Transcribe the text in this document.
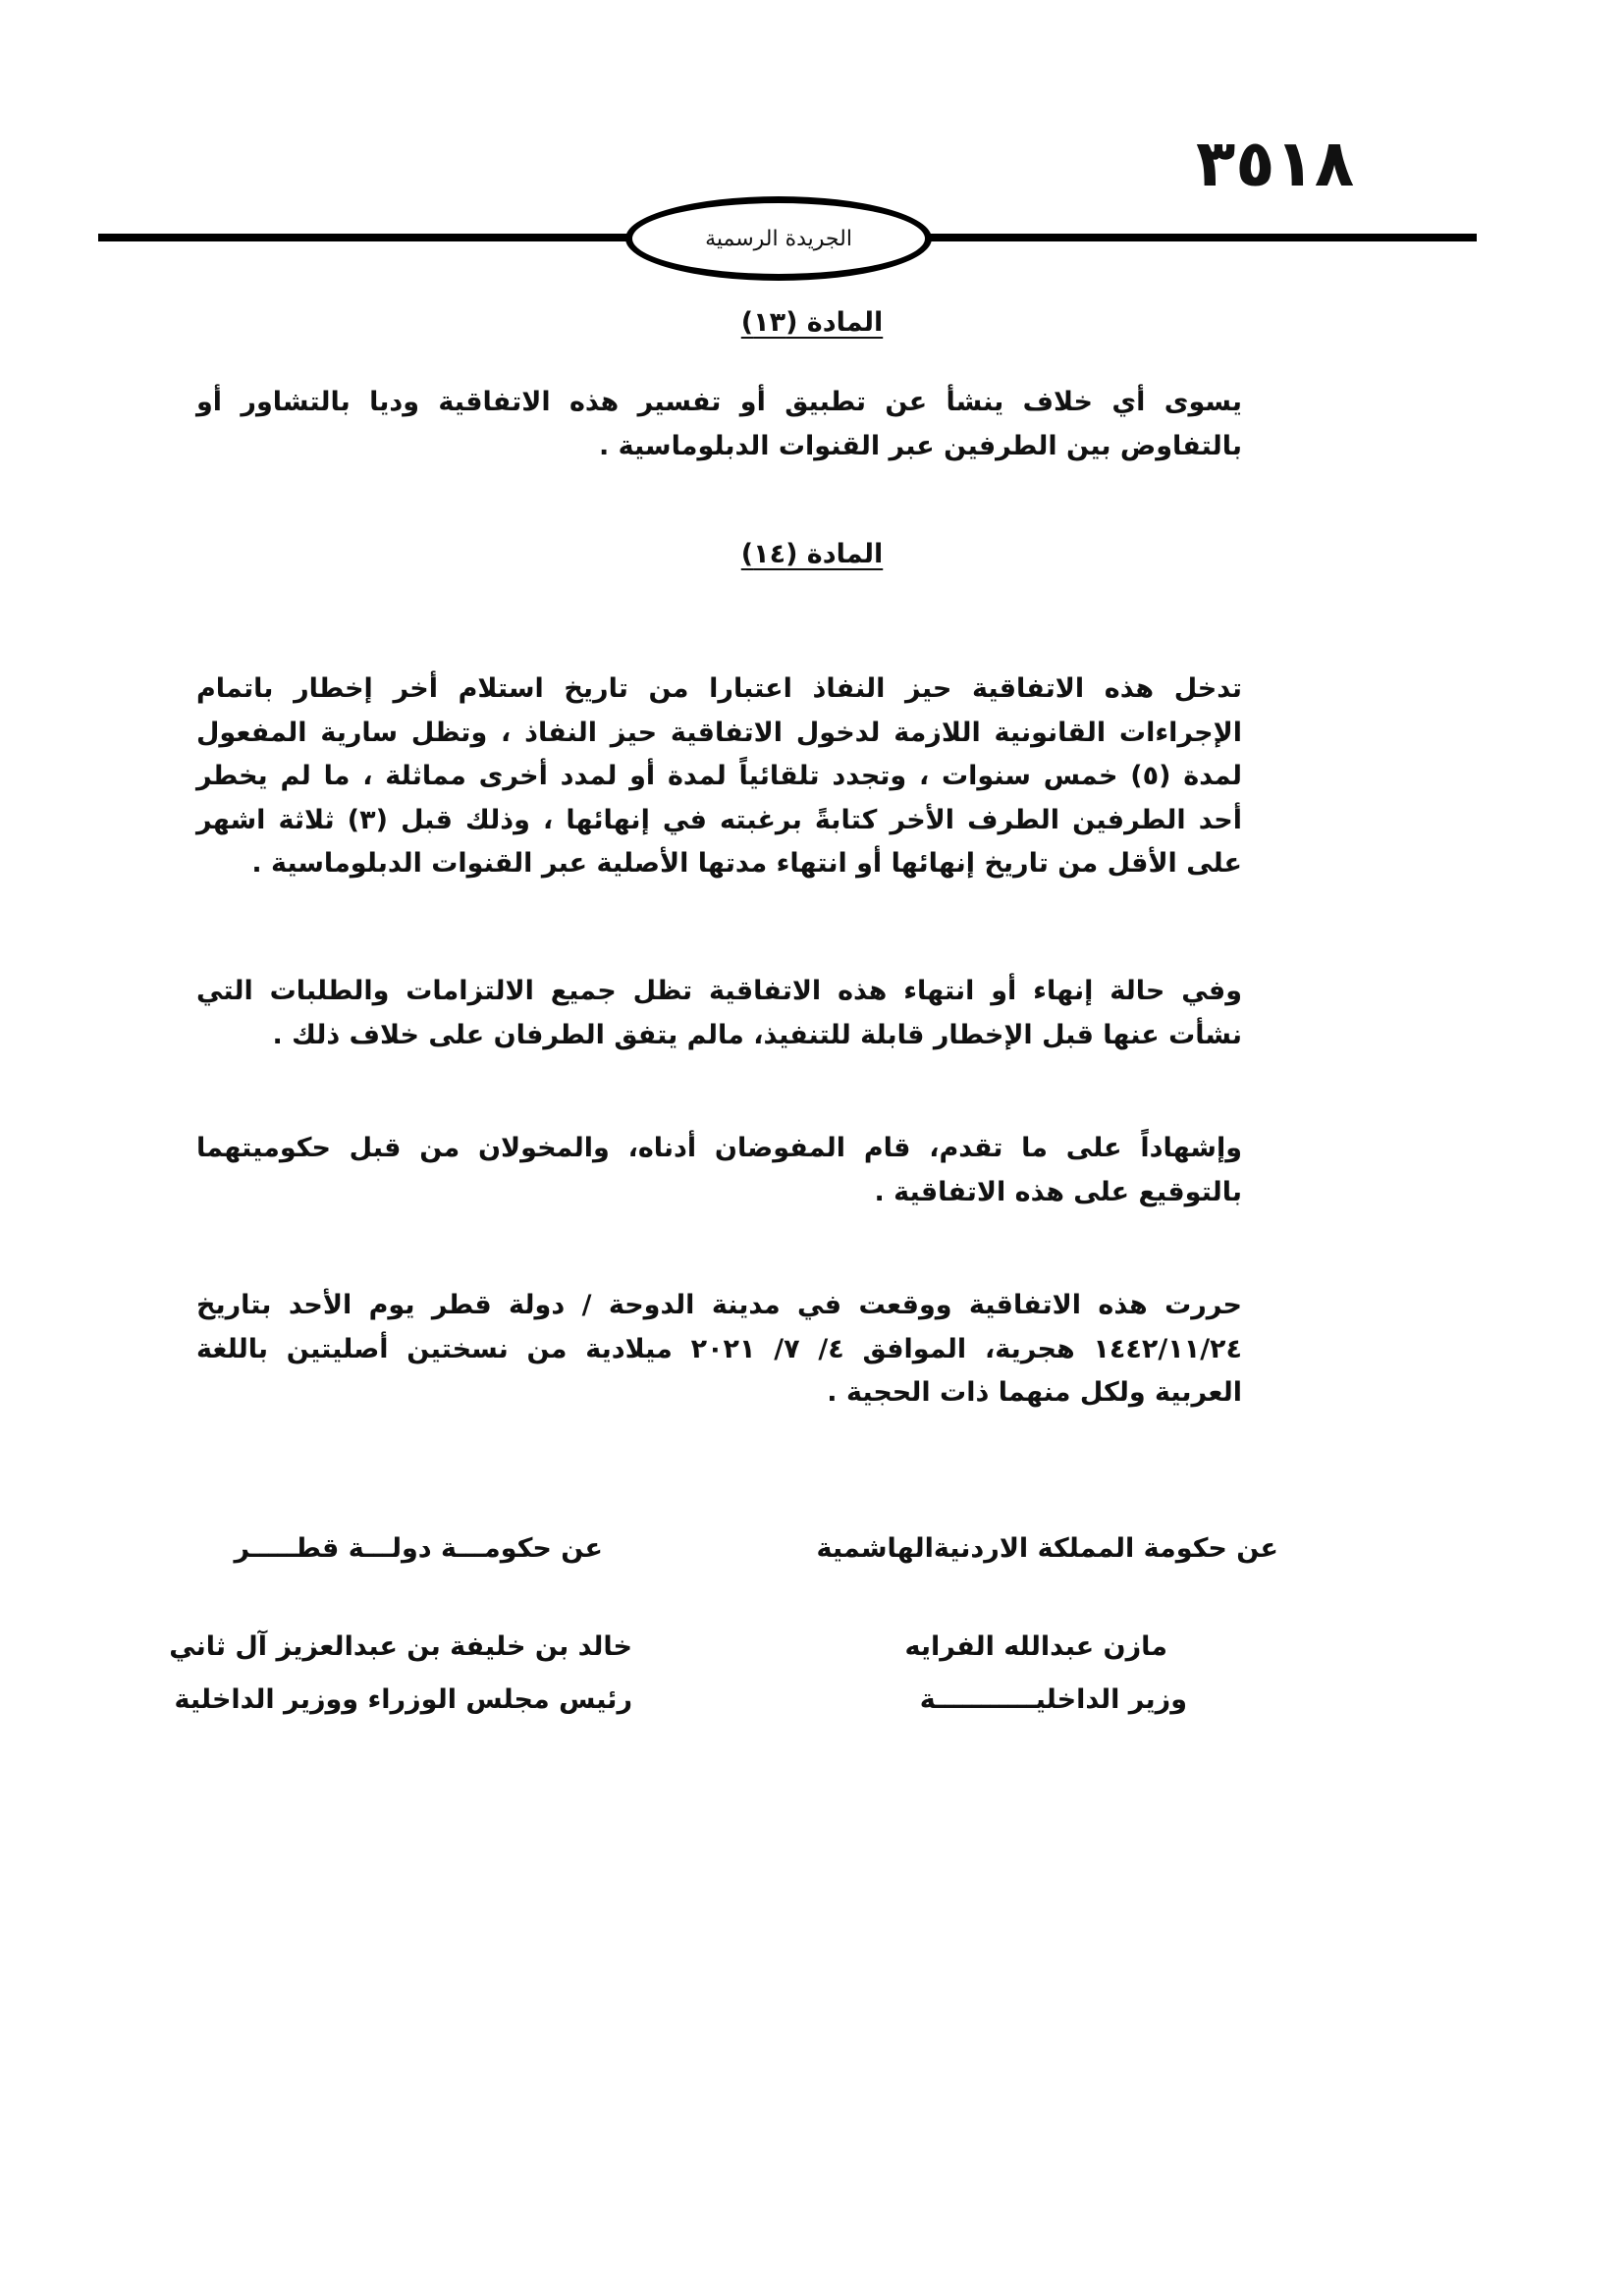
٣٥١٨
الجريدة الرسمية
المادة (١٣)

يسوى أي خلاف ينشأ عن تطبيق أو تفسير هذه الاتفاقية وديا بالتشاور أو بالتفاوض بين الطرفين عبر القنوات الدبلوماسية .

المادة (١٤)

تدخل هذه الاتفاقية حيز النفاذ اعتبارا من تاريخ استلام أخر إخطار باتمام الإجراءات القانونية اللازمة لدخول الاتفاقية حيز النفاذ ، وتظل سارية المفعول لمدة (٥) خمس سنوات ، وتجدد تلقائياً لمدة أو لمدد أخرى مماثلة ، ما لم يخطر أحد الطرفين الطرف الأخر كتابةً برغبته في إنهائها ، وذلك قبل (٣) ثلاثة اشهر على الأقل من تاريخ إنهائها أو انتهاء مدتها الأصلية عبر القنوات الدبلوماسية .

وفي حالة إنهاء أو انتهاء هذه الاتفاقية تظل جميع الالتزامات والطلبات التي نشأت عنها قبل الإخطار قابلة للتنفيذ، مالم يتفق الطرفان على خلاف ذلك .

وإشهاداً على ما تقدم، قام المفوضان أدناه، والمخولان من قبل حكوميتهما بالتوقيع على هذه الاتفاقية .

حررت هذه الاتفاقية ووقعت في مدينة الدوحة / دولة قطر يوم الأحد بتاريخ ١٤٤٢/١١/٢٤ هجرية، الموافق ٤/ ٧/ ٢٠٢١ ميلادية من نسختين أصليتين باللغة العربية ولكل منهما ذات الحجية .

عن حكومة المملكة الاردنيةالهاشمية
عن حكومـــة دولـــة قطـــــر
مازن عبدالله الفرايه
وزير الداخليـــــــــــة
خالد بن خليفة بن عبدالعزيز آل ثاني
رئيس مجلس الوزراء ووزير الداخلية
